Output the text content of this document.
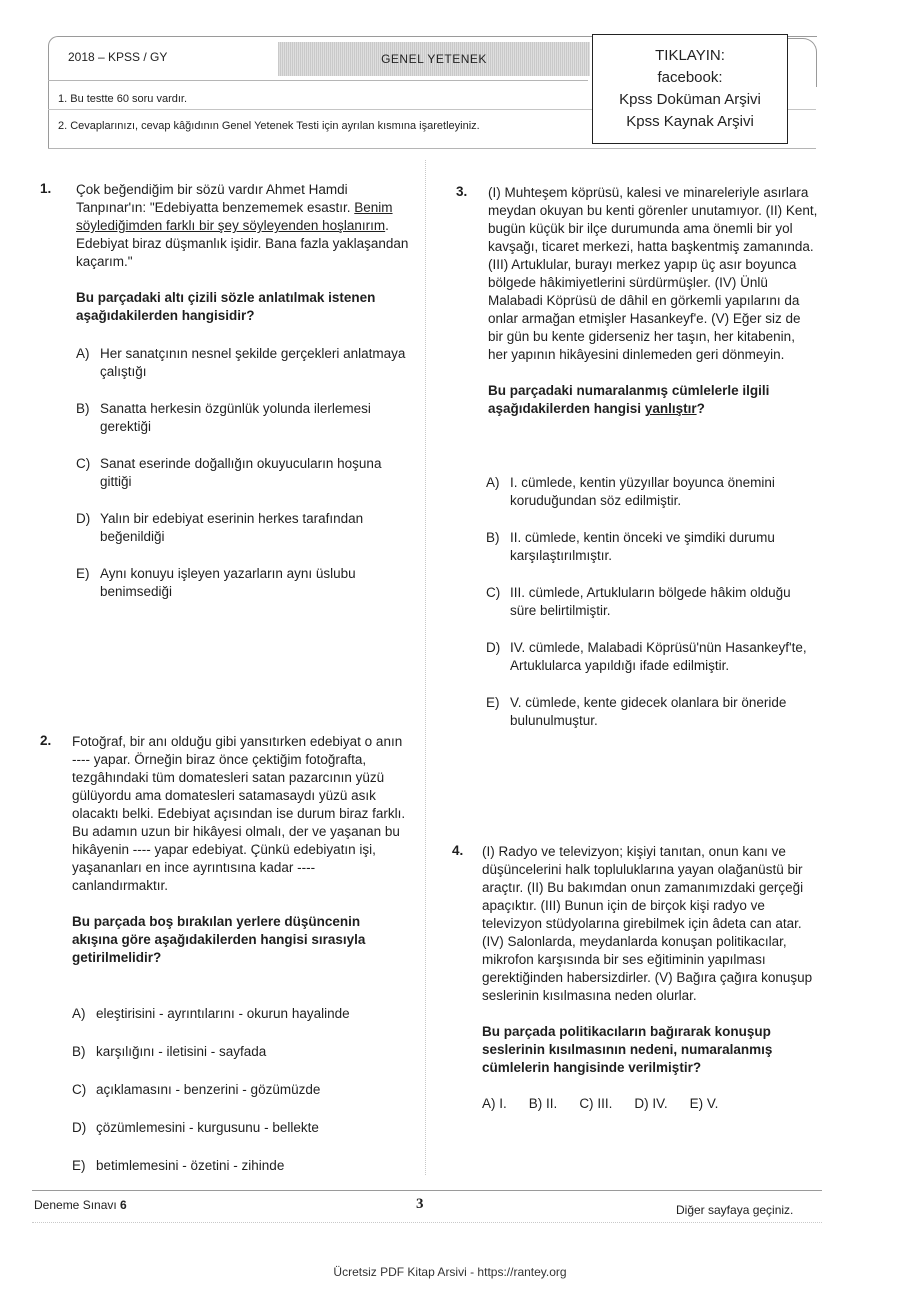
2018 – KPSS / GY	GENEL YETENEK
1. Bu testte 60 soru vardır.
2. Cevaplarınızı, cevap kâğıdının Genel Yetenek Testi için ayrılan kısmına işaretleyiniz.
TIKLAYIN:
facebook:
Kpss Doküman Arşivi
Kpss Kaynak Arşivi
1. Çok beğendiğim bir sözü vardır Ahmet Hamdi Tanpınar'ın: "Edebiyatta benzememek esastır. Benim söylediğimden farklı bir şey söyleyenden hoşlanırım. Edebiyat biraz düşmanlık işidir. Bana fazla yaklaşandan kaçarım."

Bu parçadaki altı çizili sözle anlatılmak istenen aşağıdakilerden hangisidir?

A) Her sanatçının nesnel şekilde gerçekleri anlatmaya çalıştığı

B) Sanatta herkesin özgünlük yolunda ilerlemesi gerektiği

C) Sanat eserinde doğallığın okuyucuların hoşuna gittiği

D) Yalın bir edebiyat eserinin herkes tarafından beğenildiği

E) Aynı konuyu işleyen yazarların aynı üslubu benimsediği

2. Fotoğraf, bir anı olduğu gibi yansıtırken edebiyat o anın ---- yapar. Örneğin biraz önce çektiğim fotoğrafta, tezgâhındaki tüm domatesleri satan pazarcının yüzü gülüyordu ama domatesleri satamasaydı yüzü asık olacaktı belki. Edebiyat açısından ise durum biraz farklı. Bu adamın uzun bir hikâyesi olmalı, der ve yaşanan bu hikâyenin ---- yapar edebiyat. Çünkü edebiyatın işi, yaşananları en ince ayrıntısına kadar ---- canlandırmaktır.

Bu parçada boş bırakılan yerlere düşüncenin akışına göre aşağıdakilerden hangisi sırasıyla getirilmelidir?

A) eleştirisini - ayrıntılarını - okurun hayalinde

B) karşılığını - iletisini - sayfada

C) açıklamasını - benzerini - gözümüzde

D) çözümlemesini - kurgusunu - bellekte

E) betimlemesini - özetini - zihinde

3. (I) Muhteşem köprüsü, kalesi ve minareleriyle asırlara meydan okuyan bu kenti görenler unutamıyor. (II) Kent, bugün küçük bir ilçe durumunda ama önemli bir yol kavşağı, ticaret merkezi, hatta başkentmiş zamanında. (III) Artuklular, burayı merkez yapıp üç asır boyunca bölgede hâkimiyetlerini sürdürmüşler. (IV) Ünlü Malabadi Köprüsü de dâhil en görkemli yapılarını da onlar armağan etmişler Hasankeyf'e. (V) Eğer siz de bir gün bu kente giderseniz her taşın, her kitabenin, her yapının hikâyesini dinlemeden geri dönmeyin.

Bu parçadaki numaralanmış cümlelerle ilgili aşağıdakilerden hangisi yanlıştır?

A) I. cümlede, kentin yüzyıllar boyunca önemini koruduğundan söz edilmiştir.

B) II. cümlede, kentin önceki ve şimdiki durumu karşılaştırılmıştır.

C) III. cümlede, Artukluların bölgede hâkim olduğu süre belirtilmiştir.

D) IV. cümlede, Malabadi Köprüsü'nün Hasankeyf'te, Artuklularca yapıldığı ifade edilmiştir.

E) V. cümlede, kente gidecek olanlara bir öneride bulunulmuştur.

4. (I) Radyo ve televizyon; kişiyi tanıtan, onun kanı ve düşüncelerini halk topluluklarına yayan olağanüstü bir araçtır. (II) Bu bakımdan onun zamanımızdaki gerçeği apaçıktır. (III) Bunun için de birçok kişi radyo ve televizyon stüdyolarına girebilmek için âdeta can atar. (IV) Salonlarda, meydanlarda konuşan politikacılar, mikrofon karşısında bir ses eğitiminin yapılması gerektiğinden habersizdirler. (V) Bağıra çağıra konuşup seslerinin kısılmasına neden olurlar.

Bu parçada politikacıların bağırarak konuşup seslerinin kısılmasının nedeni, numaralanmış cümlelerin hangisinde verilmiştir?

A) I. B) II. C) III. D) IV. E) V.
Deneme Sınavı 6	3	Diğer sayfaya geçiniz.
Ücretsiz PDF Kitap Arsivi - https://rantey.org
